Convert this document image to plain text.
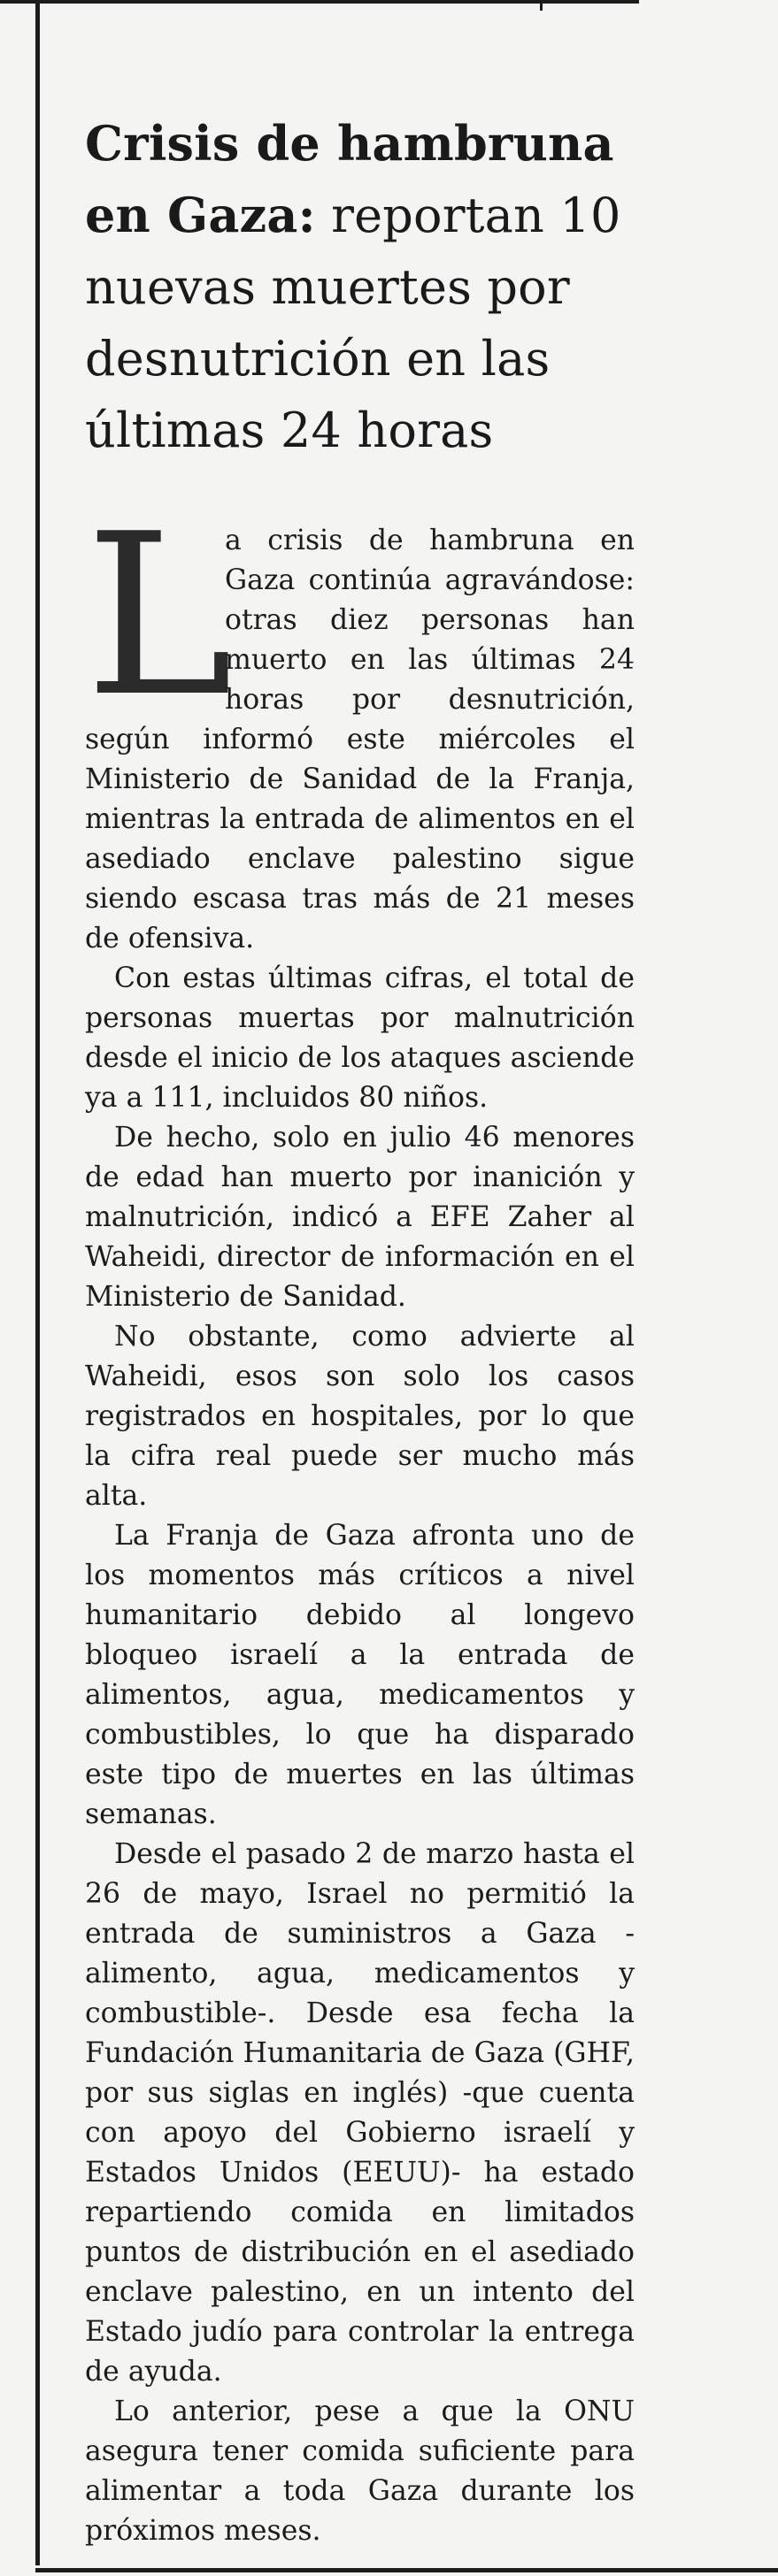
Crisis de hambruna en Gaza: reportan 10 nuevas muertes por desnutrición en las últimas 24 horas
L

a crisis de hambruna en Gaza continúa agravándose: otras diez personas han muerto en las últimas 24 horas por desnutrición, según informó este miércoles el Ministerio de Sanidad de la Franja, mientras la entrada de alimentos en el asediado enclave palestino sigue siendo escasa tras más de 21 meses de ofensiva.

Con estas últimas cifras, el total de personas muertas por malnutrición desde el inicio de los ataques asciende ya a 111, incluidos 80 niños.

De hecho, solo en julio 46 menores de edad han muerto por inanición y malnutrición, indicó a EFE Zaher al Waheidi, director de información en el Ministerio de Sanidad.

No obstante, como advierte al Waheidi, esos son solo los casos registrados en hospitales, por lo que la cifra real puede ser mucho más alta.

La Franja de Gaza afronta uno de los momentos más críticos a nivel humanitario debido al longevo bloqueo israelí a la entrada de alimentos, agua, medicamentos y combustibles, lo que ha disparado este tipo de muertes en las últimas semanas.

Desde el pasado 2 de marzo hasta el 26 de mayo, Israel no permitió la entrada de suministros a Gaza -alimento, agua, medicamentos y combustible-. Desde esa fecha la Fundación Humanitaria de Gaza (GHF, por sus siglas en inglés) -que cuenta con apoyo del Gobierno israelí y Estados Unidos (EEUU)- ha estado repartiendo comida en limitados puntos de distribución en el asediado enclave palestino, en un intento del Estado judío para controlar la entrega de ayuda.

Lo anterior, pese a que la ONU asegura tener comida suficiente para alimentar a toda Gaza durante los próximos meses.
